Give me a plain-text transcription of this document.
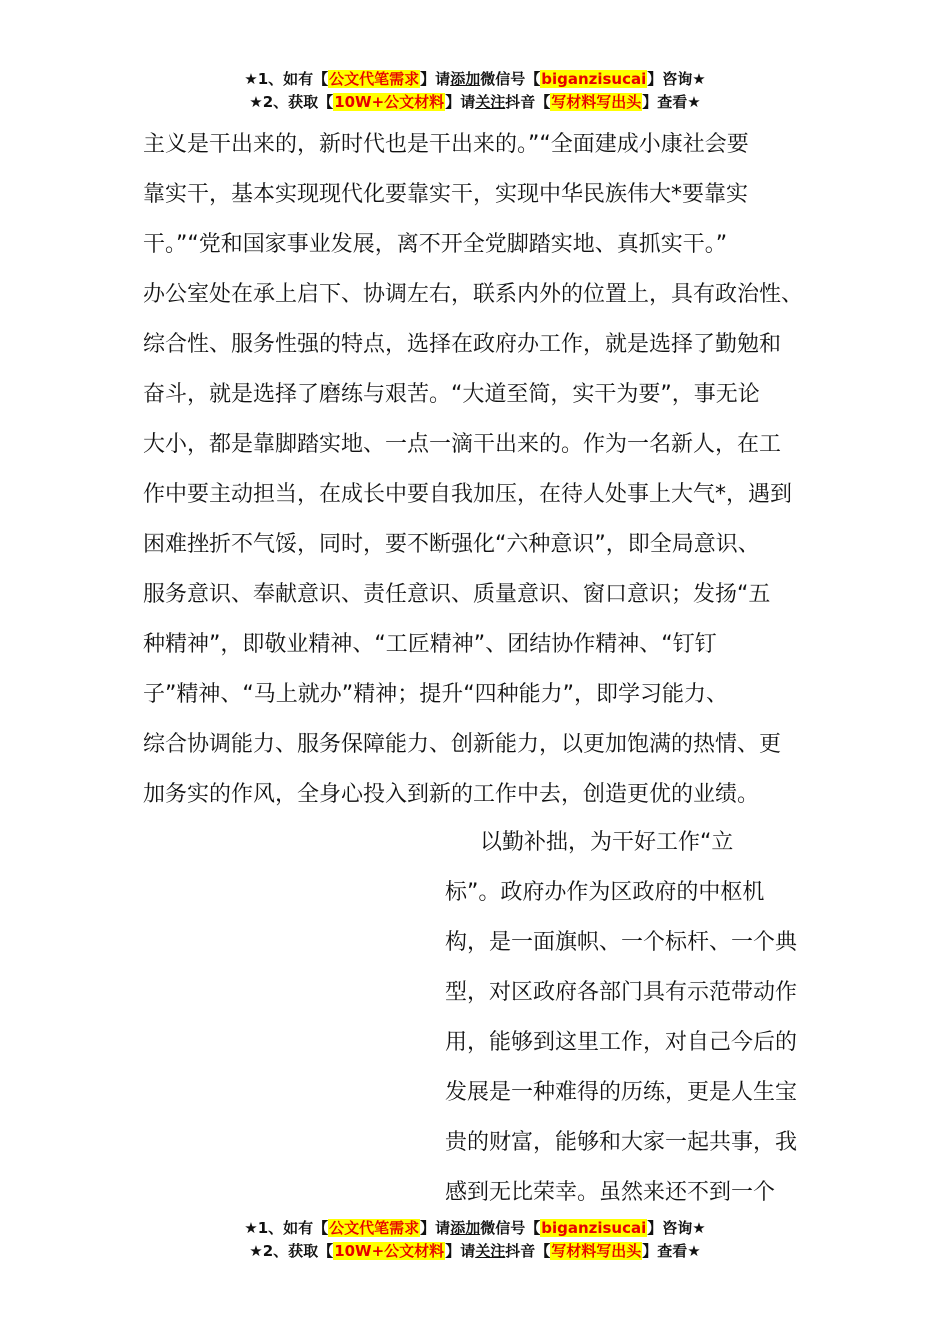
★1、如有【公文代笔需求】请添加微信号【biganzisucai】咨询★
★2、获取【10W+公文材料】请关注抖音【写材料写出头】查看★
主义是干出来的，新时代也是干出来的。”“全面建成小康社会要
靠实干，基本实现现代化要靠实干，实现中华民族伟大*要靠实
干。”“党和国家事业发展，离不开全党脚踏实地、真抓实干。”
办公室处在承上启下、协调左右，联系内外的位置上，具有政治性、
综合性、服务性强的特点，选择在政府办工作，就是选择了勤勉和
奋斗，就是选择了磨练与艰苦。“大道至简，实干为要”，事无论
大小，都是靠脚踏实地、一点一滴干出来的。作为一名新人，在工
作中要主动担当，在成长中要自我加压，在待人处事上大气*，遇到
困难挫折不气馁，同时，要不断强化“六种意识”，即全局意识、
服务意识、奉献意识、责任意识、质量意识、窗口意识；发扬“五
种精神”，即敬业精神、“工匠精神”、团结协作精神、“钉钉
子”精神、“马上就办”精神；提升“四种能力”，即学习能力、
综合协调能力、服务保障能力、创新能力，以更加饱满的热情、更
加务实的作风，全身心投入到新的工作中去，创造更优的业绩。
以勤补拙，为干好工作“立
标”。政府办作为区政府的中枢机
构，是一面旗帜、一个标杆、一个典
型，对区政府各部门具有示范带动作
用，能够到这里工作，对自己今后的
发展是一种难得的历练，更是人生宝
贵的财富，能够和大家一起共事，我
感到无比荣幸。虽然来还不到一个
★1、如有【公文代笔需求】请添加微信号【biganzisucai】咨询★
★2、获取【10W+公文材料】请关注抖音【写材料写出头】查看★
